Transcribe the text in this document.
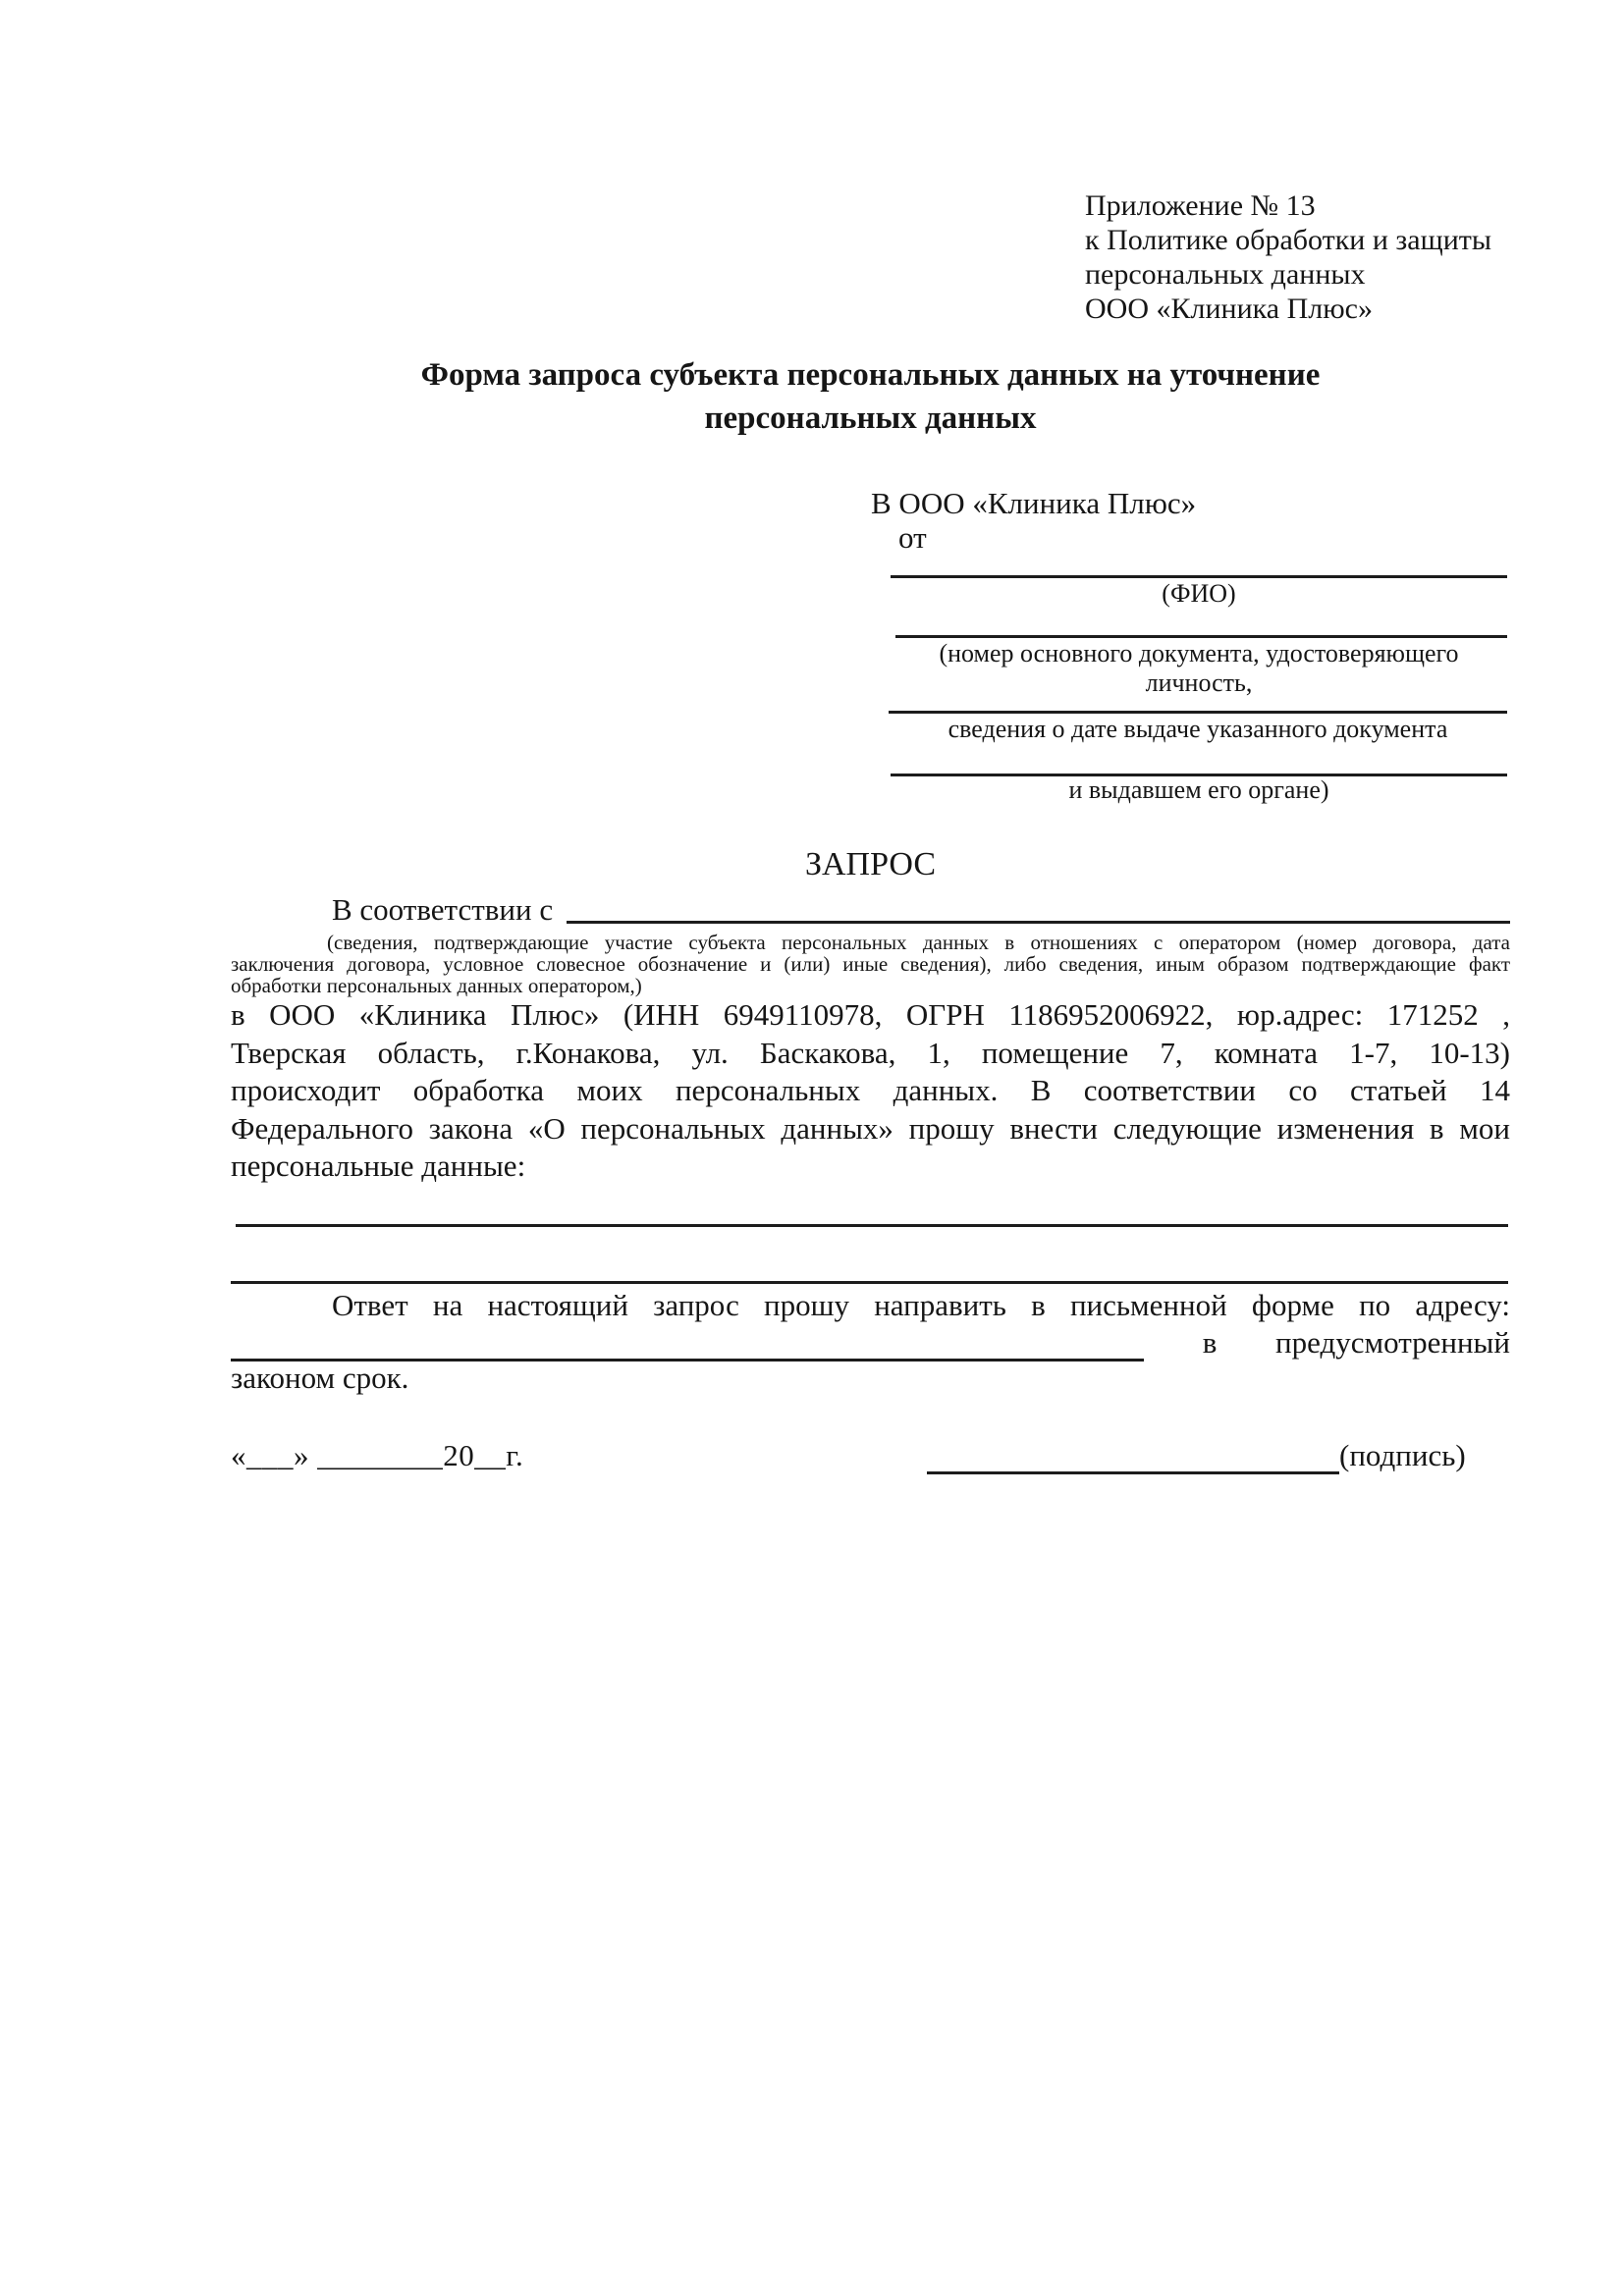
Приложение № 13
к Политике обработки и защиты
персональных данных
ООО «Клиника Плюс»
Форма запроса субъекта персональных данных на уточнение
персональных данных
В ООО «Клиника Плюс»
от
(ФИО)
(номер основного документа, удостоверяющего личность,
сведения о дате выдаче указанного документа
и выдавшем его органе)
ЗАПРОС
В соответствии с
(сведения, подтверждающие участие субъекта персональных данных в отношениях с оператором (номер договора, дата
заключения договора, условное словесное обозначение и (или) иные сведения), либо сведения, иным образом подтверждающие факт
обработки персональных данных оператором,)
в ООО «Клиника Плюс» (ИНН 6949110978, ОГРН 1186952006922, юр.адрес: 171252 ,
Тверская область, г.Конакова, ул. Баскакова, 1, помещение 7, комната 1-7, 10-13)
происходит обработка моих персональных данных. В соответствии со статьей 14
Федерального закона «О персональных данных» прошу внести следующие изменения в мои
персональные данные:
Ответ на настоящий запрос прошу направить в письменной форме по адресу:
в предусмотренный
законом срок.
«___» ________20__г.	(подпись)
